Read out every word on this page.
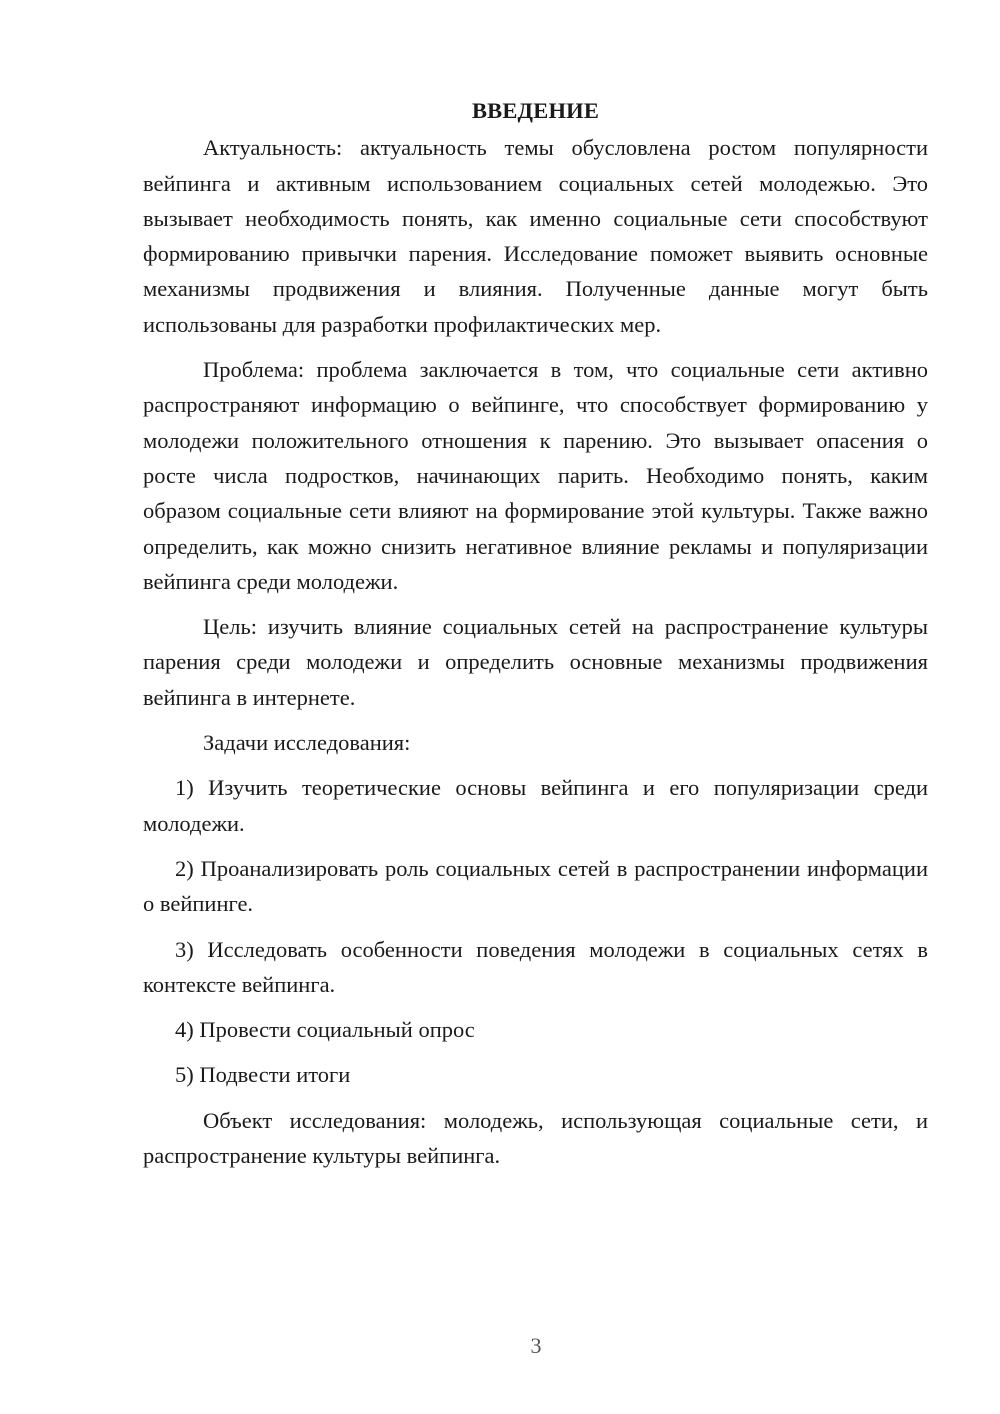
ВВЕДЕНИЕ

Актуальность: актуальность темы обусловлена ростом популярности вейпинга и активным использованием социальных сетей молодежью. Это вызывает необходимость понять, как именно социальные сети способствуют формированию привычки парения. Исследование поможет выявить основные механизмы продвижения и влияния. Полученные данные могут быть использованы для разработки профилактических мер.

Проблема: проблема заключается в том, что социальные сети активно распространяют информацию о вейпинге, что способствует формированию у молодежи положительного отношения к парению. Это вызывает опасения о росте числа подростков, начинающих парить. Необходимо понять, каким образом социальные сети влияют на формирование этой культуры. Также важно определить, как можно снизить негативное влияние рекламы и популяризации вейпинга среди молодежи.

Цель: изучить влияние социальных сетей на распространение культуры парения среди молодежи и определить основные механизмы продвижения вейпинга в интернете.

Задачи исследования:

1) Изучить теоретические основы вейпинга и его популяризации среди молодежи.

2) Проанализировать роль социальных сетей в распространении информации о вейпинге.

3) Исследовать особенности поведения молодежи в социальных сетях в контексте вейпинга.

4) Провести социальный опрос

5) Подвести итоги

Объект исследования: молодежь, использующая социальные сети, и распространение культуры вейпинга.

3
